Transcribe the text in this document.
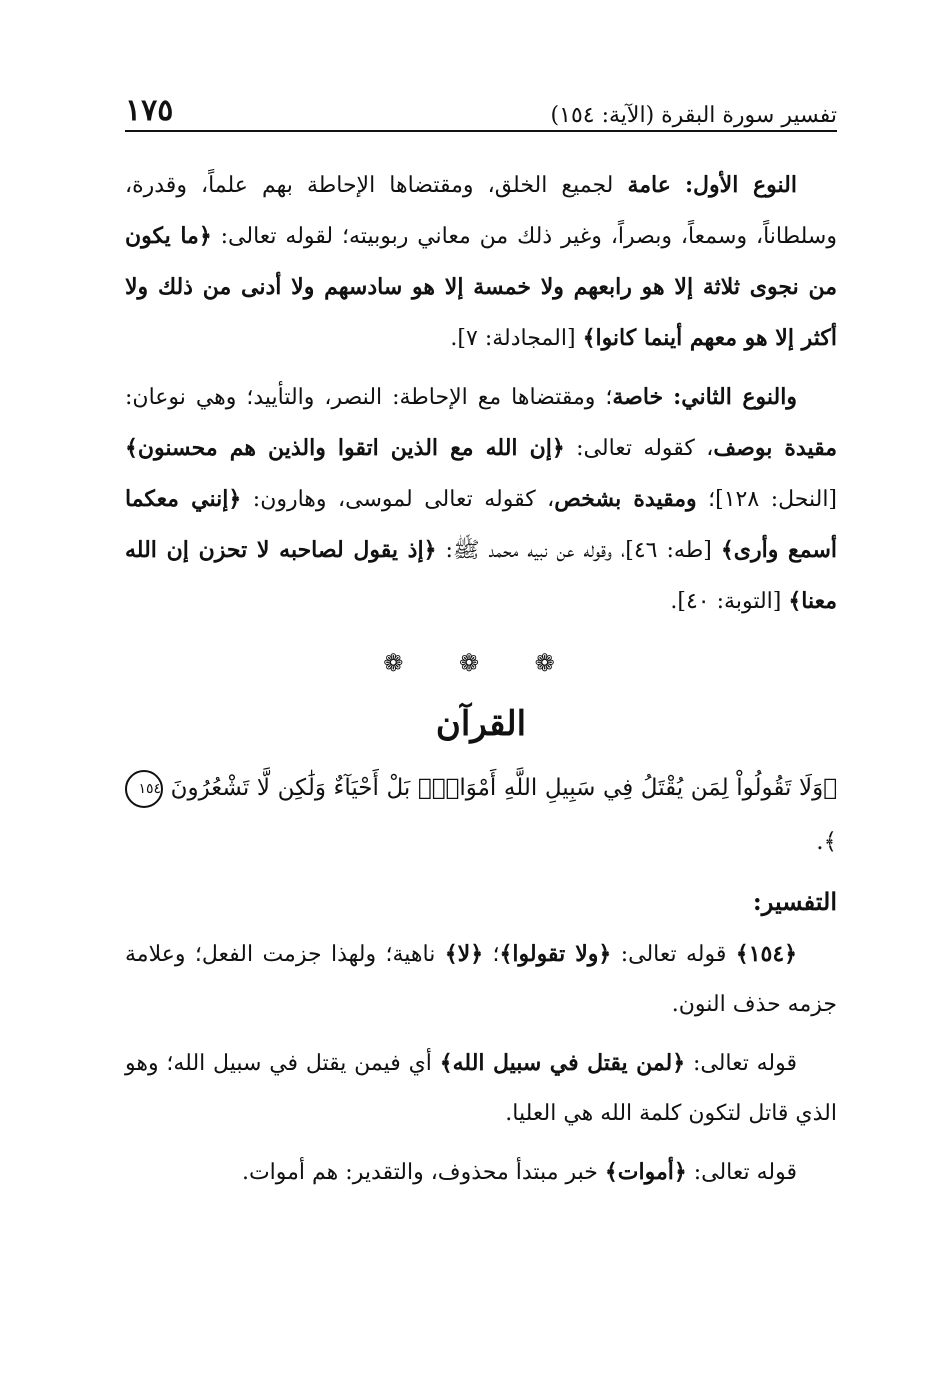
تفسير سورة البقرة (الآية: ١٥٤)
١٧٥

النوع الأول: عامة لجميع الخلق، ومقتضاها الإحاطة بهم علماً، وقدرة، وسلطاناً، وسمعاً، وبصراً، وغير ذلك من معاني ربوبيته؛ لقوله تعالى: ﴿ما يكون من نجوى ثلاثة إلا هو رابعهم ولا خمسة إلا هو سادسهم ولا أدنى من ذلك ولا أكثر إلا هو معهم أينما كانوا﴾ [المجادلة: ٧].

والنوع الثاني: خاصة؛ ومقتضاها مع الإحاطة: النصر، والتأييد؛ وهي نوعان: مقيدة بوصف، كقوله تعالى: ﴿إن الله مع الذين اتقوا والذين هم محسنون﴾ [النحل: ١٢٨]؛ ومقيدة بشخص، كقوله تعالى لموسى، وهارون: ﴿إنني معكما أسمع وأرى﴾ [طه: ٤٦]، وقوله عن نبيه محمد ﷺ: ﴿إذ يقول لصاحبه لا تحزن إن الله معنا﴾ [التوبة: ٤٠].

❁ ❁ ❁
القرآن

﴿وَلَا تَقُولُواْ لِمَن يُقْتَلُ فِي سَبِيلِ اللَّهِ أَمْوَاتٌۢ بَلْ أَحْيَآءٌ وَلَٰكِن لَّا تَشْعُرُونَ ١٥٤﴾.

التفسير:

﴿١٥٤﴾ قوله تعالى: ﴿ولا تقولوا﴾؛ ﴿لا﴾ ناهية؛ ولهذا جزمت الفعل؛ وعلامة جزمه حذف النون.

قوله تعالى: ﴿لمن يقتل في سبيل الله﴾ أي فيمن يقتل في سبيل الله؛ وهو الذي قاتل لتكون كلمة الله هي العليا.

قوله تعالى: ﴿أموات﴾ خبر مبتدأ محذوف، والتقدير: هم أموات.
